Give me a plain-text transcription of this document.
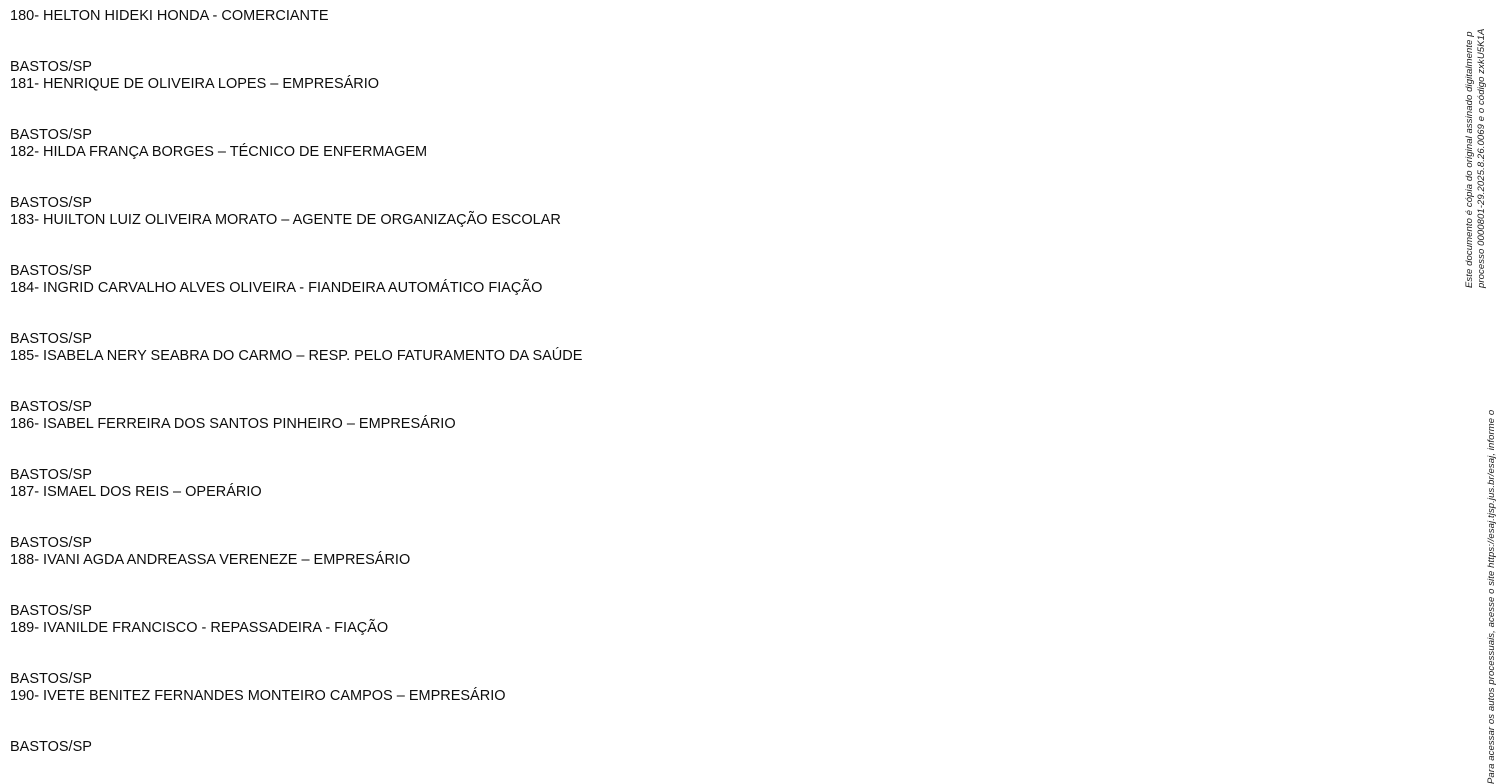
180- HELTON HIDEKI HONDA - COMERCIANTE
BASTOS/SP
181- HENRIQUE DE OLIVEIRA LOPES – EMPRESÁRIO
BASTOS/SP
182- HILDA FRANÇA BORGES – TÉCNICO DE ENFERMAGEM
BASTOS/SP
183- HUILTON LUIZ OLIVEIRA MORATO – AGENTE DE ORGANIZAÇÃO ESCOLAR
BASTOS/SP
184- INGRID CARVALHO ALVES OLIVEIRA - FIANDEIRA AUTOMÁTICO FIAÇÃO
BASTOS/SP
185- ISABELA NERY SEABRA DO CARMO – RESP. PELO FATURAMENTO DA SAÚDE
BASTOS/SP
186- ISABEL FERREIRA DOS SANTOS PINHEIRO – EMPRESÁRIO
BASTOS/SP
187- ISMAEL DOS REIS – OPERÁRIO
BASTOS/SP
188- IVANI AGDA ANDREASSA VERENEZE – EMPRESÁRIO
BASTOS/SP
189- IVANILDE FRANCISCO - REPASSADEIRA - FIAÇÃO
BASTOS/SP
190- IVETE BENITEZ FERNANDES MONTEIRO CAMPOS – EMPRESÁRIO
BASTOS/SP
Este documento é cópia do original assinado digitalmente p processo 0000801-29.2025.8.26.0069 e o código zxkU5K1A
Para acessar os autos processuais, acesse o site https://esaj.tjsp.jus.br/esaj, informe o
